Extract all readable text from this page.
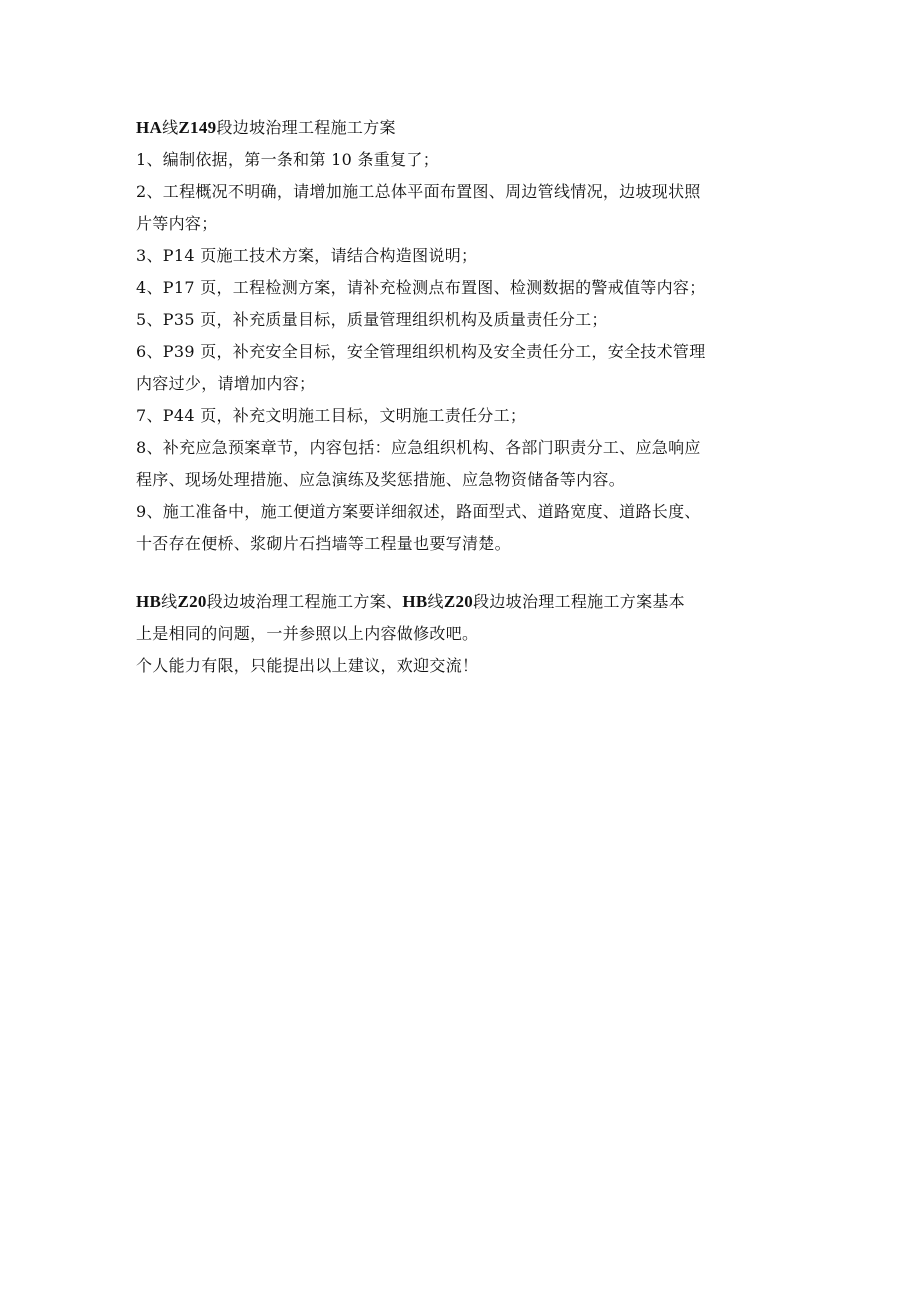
HA线Z149段边坡治理工程施工方案
1、编制依据，第一条和第 10 条重复了；
2、工程概况不明确，请增加施工总体平面布置图、周边管线情况，边坡现状照
片等内容；
3、P14 页施工技术方案，请结合构造图说明；
4、P17 页，工程检测方案，请补充检测点布置图、检测数据的警戒值等内容；
5、P35 页，补充质量目标，质量管理组织机构及质量责任分工；
6、P39 页，补充安全目标，安全管理组织机构及安全责任分工，安全技术管理
内容过少，请增加内容；
7、P44 页，补充文明施工目标，文明施工责任分工；
8、补充应急预案章节，内容包括：应急组织机构、各部门职责分工、应急响应
程序、现场处理措施、应急演练及奖惩措施、应急物资储备等内容。
9、施工准备中，施工便道方案要详细叙述，路面型式、道路宽度、道路长度、
十否存在便桥、浆砌片石挡墙等工程量也要写清楚。
HB线Z20段边坡治理工程施工方案、HB线Z20段边坡治理工程施工方案基本
上是相同的问题，一并参照以上内容做修改吧。
个人能力有限，只能提出以上建议，欢迎交流！
